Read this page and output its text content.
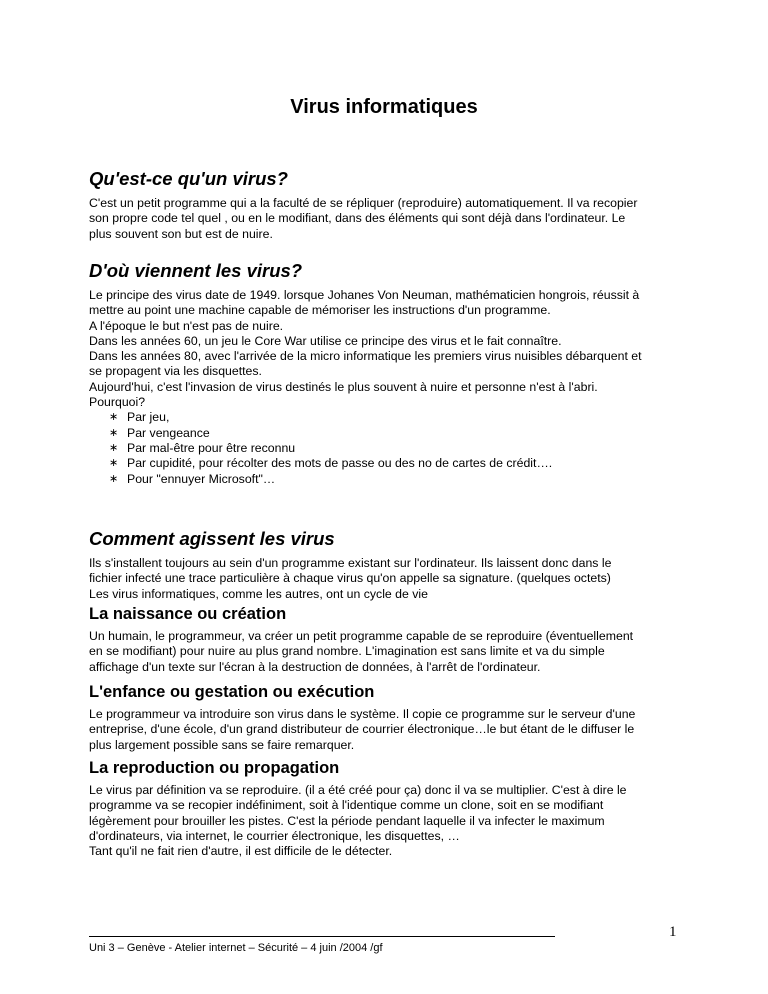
Virus informatiques
Qu'est-ce qu'un virus?

C'est un petit programme qui a la faculté de se répliquer (reproduire) automatiquement. Il va recopier

son propre code tel quel , ou en le modifiant, dans des éléments qui sont déjà dans l'ordinateur. Le

plus souvent son but est de nuire.

D'où viennent les virus?

Le principe des virus date de 1949. lorsque Johanes Von Neuman, mathématicien hongrois, réussit à

mettre au point une machine capable de mémoriser les instructions d'un programme.

A l'époque le but n'est pas de nuire.

Dans les années 60, un jeu le Core War utilise ce principe des virus et le fait connaître.

Dans les années 80, avec l'arrivée de la micro informatique les premiers virus nuisibles débarquent et

se propagent via les disquettes.

Aujourd'hui, c'est l'invasion de virus destinés le plus souvent à nuire et personne n'est à l'abri.

Pourquoi?

∗ Par jeu,
∗ Par vengeance
∗ Par mal-être pour être reconnu
∗ Par cupidité, pour récolter des mots de passe ou des no de cartes de crédit….
∗ Pour "ennuyer Microsoft"…
Comment agissent les virus

Ils s'installent toujours au sein d'un programme existant sur l'ordinateur. Ils laissent donc dans le

fichier infecté une trace particulière à chaque virus qu'on appelle sa signature. (quelques octets)

Les virus informatiques, comme les autres, ont un cycle de vie

La naissance ou création

Un humain, le programmeur, va créer un petit programme capable de se reproduire (éventuellement

en se modifiant) pour nuire au plus grand nombre. L'imagination est sans limite et va du simple

affichage d'un texte sur l'écran à la destruction de données, à l'arrêt de l'ordinateur.

L'enfance ou gestation ou exécution

Le programmeur va introduire son virus dans le système. Il copie ce programme sur le serveur d'une

entreprise, d'une école, d'un grand distributeur de courrier électronique…le but étant de le diffuser le

plus largement possible sans se faire remarquer.

La reproduction ou propagation

Le virus par définition va se reproduire. (il a été créé pour ça) donc il va se multiplier. C'est à dire le

programme va se recopier indéfiniment, soit à l'identique comme un clone, soit en se modifiant

légèrement pour brouiller les pistes. C'est la période pendant laquelle il va infecter le maximum

d'ordinateurs, via internet, le courrier électronique, les disquettes, …

Tant qu'il ne fait rien d'autre, il est difficile de le détecter.

1
Uni 3 – Genève - Atelier internet – Sécurité – 4 juin /2004 /gf
